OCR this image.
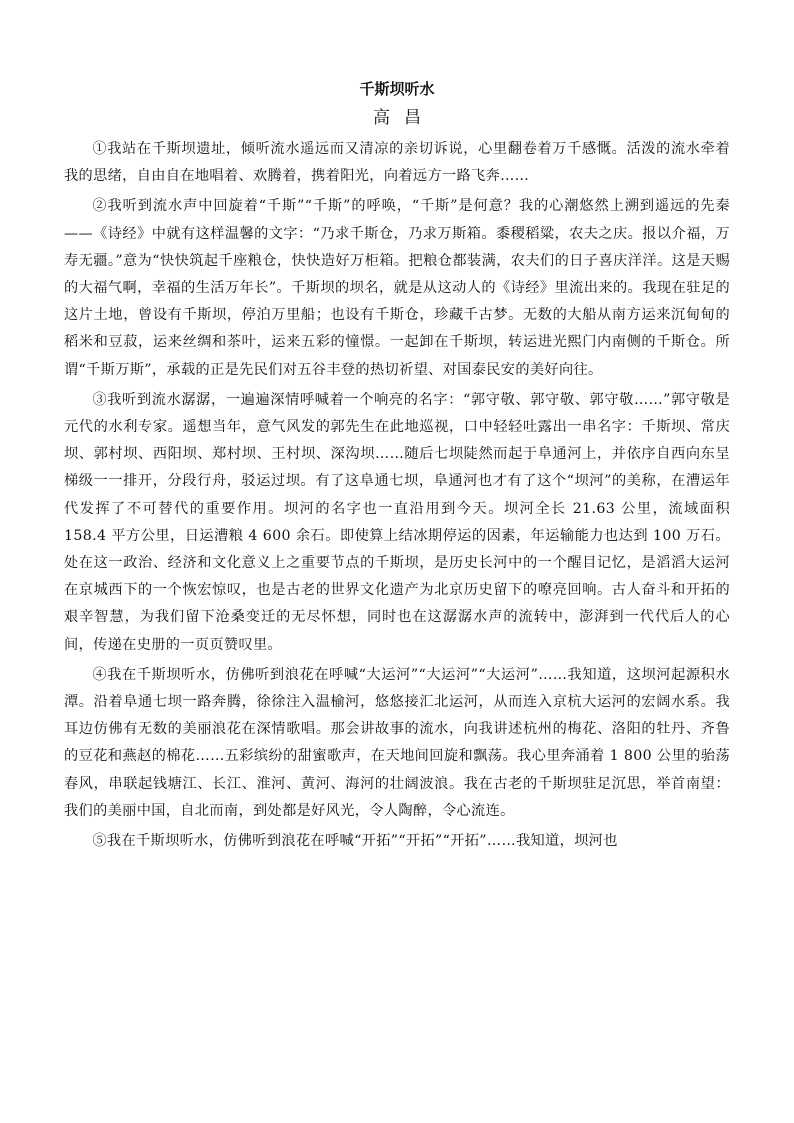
千斯坝听水
高昌

①我站在千斯坝遗址，倾听流水遥远而又清凉的亲切诉说，心里翻卷着万千感慨。活泼的流水牵着我的思绪，自由自在地唱着、欢腾着，携着阳光，向着远方一路飞奔……

②我听到流水声中回旋着“千斯”“千斯”的呼唤，“千斯”是何意？我的心潮悠然上溯到遥远的先秦——《诗经》中就有这样温馨的文字：“乃求千斯仓，乃求万斯箱。黍稷稻粱，农夫之庆。报以介福，万寿无疆。”意为“快快筑起千座粮仓，快快造好万柜箱。把粮仓都装满，农夫们的日子喜庆洋洋。这是天赐的大福气啊，幸福的生活万年长”。千斯坝的坝名，就是从这动人的《诗经》里流出来的。我现在驻足的这片土地，曾设有千斯坝，停泊万里船；也设有千斯仓，珍藏千古梦。无数的大船从南方运来沉甸甸的稻米和豆菽，运来丝绸和茶叶，运来五彩的憧憬。一起卸在千斯坝，转运进光熙门内南侧的千斯仓。所谓“千斯万斯”，承载的正是先民们对五谷丰登的热切祈望、对国泰民安的美好向往。

③我听到流水潺潺，一遍遍深情呼喊着一个响亮的名字：“郭守敬、郭守敬、郭守敬……”郭守敬是元代的水利专家。遥想当年，意气风发的郭先生在此地巡视，口中轻轻吐露出一串名字：千斯坝、常庆坝、郭村坝、西阳坝、郑村坝、王村坝、深沟坝……随后七坝陡然而起于阜通河上，并依序自西向东呈梯级一一排开，分段行舟，驳运过坝。有了这阜通七坝，阜通河也才有了这个“坝河”的美称，在漕运年代发挥了不可替代的重要作用。坝河的名字也一直沿用到今天。坝河全长 21.63 公里，流域面积 158.4 平方公里，日运漕粮 4 600 余石。即使算上结冰期停运的因素，年运输能力也达到 100 万石。处在这一政治、经济和文化意义上之重要节点的千斯坝，是历史长河中的一个醒目记忆，是滔滔大运河在京城西下的一个恢宏惊叹，也是古老的世界文化遗产为北京历史留下的嘹亮回响。古人奋斗和开拓的艰辛智慧，为我们留下沧桑变迁的无尽怀想，同时也在这潺潺水声的流转中，澎湃到一代代后人的心间，传递在史册的一页页赞叹里。

④我在千斯坝听水，仿佛听到浪花在呼喊“大运河”“大运河”“大运河”……我知道，这坝河起源积水潭。沿着阜通七坝一路奔腾，徐徐注入温榆河，悠悠接汇北运河，从而连入京杭大运河的宏阔水系。我耳边仿佛有无数的美丽浪花在深情歌唱。那会讲故事的流水，向我讲述杭州的梅花、洛阳的牡丹、齐鲁的豆花和燕赵的棉花……五彩缤纷的甜蜜歌声，在天地间回旋和飘荡。我心里奔涌着 1 800 公里的骀荡春风，串联起钱塘江、长江、淮河、黄河、海河的壮阔波浪。我在古老的千斯坝驻足沉思，举首南望：我们的美丽中国，自北而南，到处都是好风光，令人陶醉，令心流连。

⑤我在千斯坝听水，仿佛听到浪花在呼喊“开拓”“开拓”“开拓”……我知道，坝河也
